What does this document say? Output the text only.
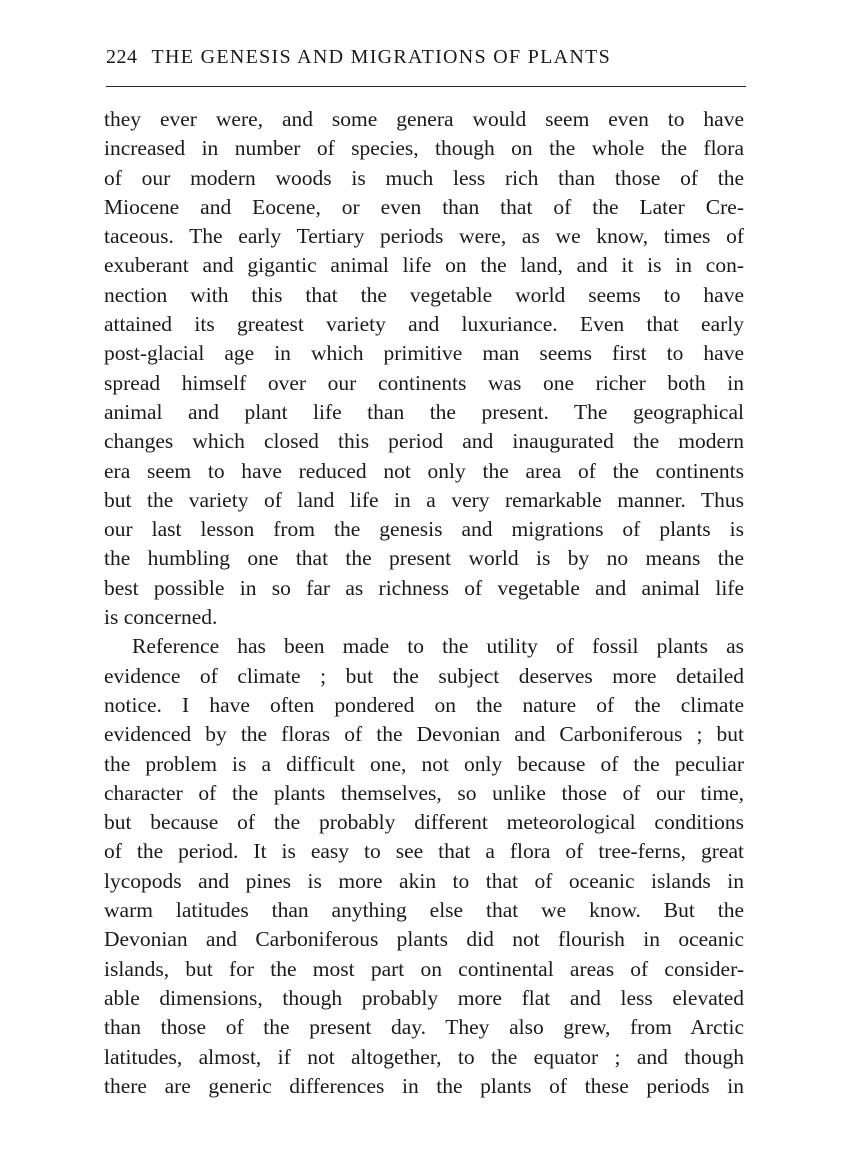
224 THE GENESIS AND MIGRATIONS OF PLANTS
they ever were, and some genera would seem even to have
increased in number of species, though on the whole the flora
of our modern woods is much less rich than those of the
Miocene and Eocene, or even than that of the Later Cre-
taceous. The early Tertiary periods were, as we know, times of
exuberant and gigantic animal life on the land, and it is in con-
nection with this that the vegetable world seems to have
attained its greatest variety and luxuriance. Even that early
post-glacial age in which primitive man seems first to have
spread himself over our continents was one richer both in
animal and plant life than the present. The geographical
changes which closed this period and inaugurated the modern
era seem to have reduced not only the area of the continents
but the variety of land life in a very remarkable manner. Thus
our last lesson from the genesis and migrations of plants is
the humbling one that the present world is by no means the
best possible in so far as richness of vegetable and animal life
is concerned.
Reference has been made to the utility of fossil plants as
evidence of climate ; but the subject deserves more detailed
notice. I have often pondered on the nature of the climate
evidenced by the floras of the Devonian and Carboniferous ; but
the problem is a difficult one, not only because of the peculiar
character of the plants themselves, so unlike those of our time,
but because of the probably different meteorological conditions
of the period. It is easy to see that a flora of tree-ferns, great
lycopods and pines is more akin to that of oceanic islands in
warm latitudes than anything else that we know. But the
Devonian and Carboniferous plants did not flourish in oceanic
islands, but for the most part on continental areas of consider-
able dimensions, though probably more flat and less elevated
than those of the present day. They also grew, from Arctic
latitudes, almost, if not altogether, to the equator ; and though
there are generic differences in the plants of these periods in
